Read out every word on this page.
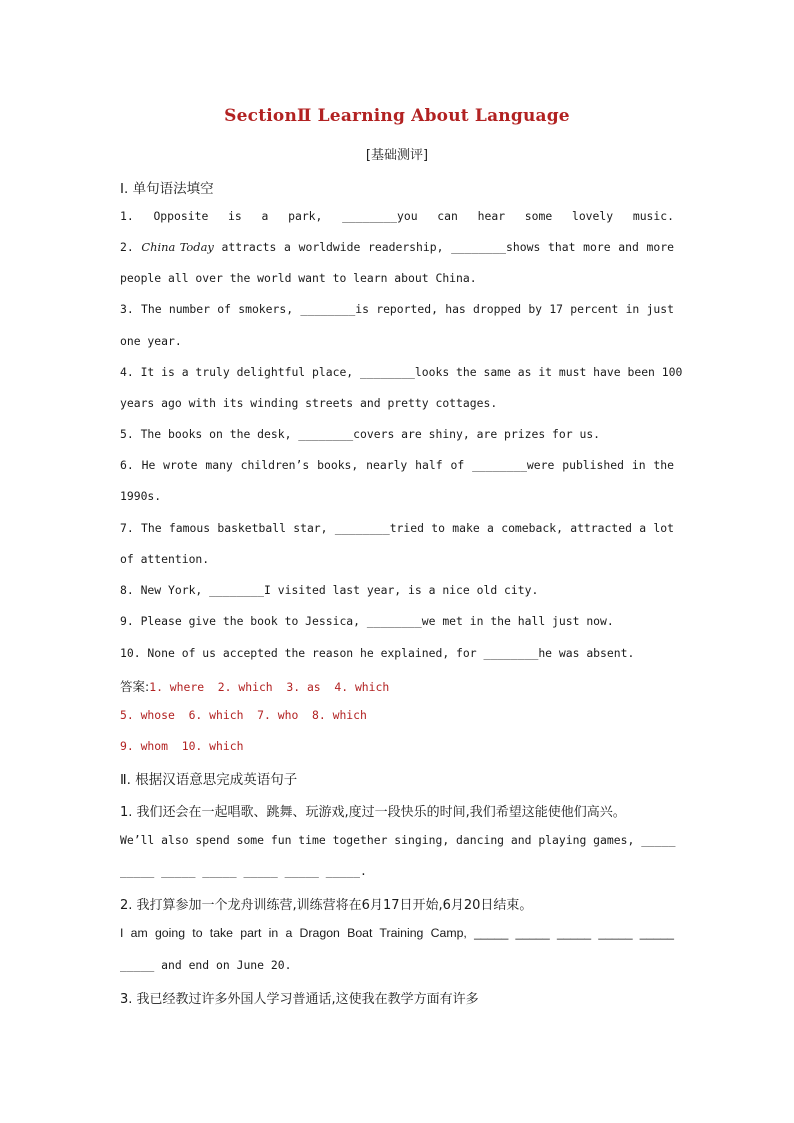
SectionⅡ Learning About Language
[基础测评]
Ⅰ. 单句语法填空
1. Opposite is a park, ________you can hear some lovely music.
2. China Today attracts a worldwide readership, ________shows that more and more
people all over the world want to learn about China.
3. The number of smokers, ________is reported, has dropped by 17 percent in just
one year.
4. It is a truly delightful place, ________looks the same as it must have been 100
years ago with its winding streets and pretty cottages.
5. The books on the desk, ________covers are shiny, are prizes for us.
6. He wrote many children’s books, nearly half of ________were published in the
1990s.
7. The famous basketball star, ________tried to make a comeback, attracted a lot
of attention.
8. New York, ________I visited last year, is a nice old city.
9. Please give the book to Jessica, ________we met in the hall just now.
10. None of us accepted the reason he explained, for ________he was absent.
答案:1. where  2. which  3. as  4. which
5. whose  6. which  7. who  8. which
9. whom  10. which
Ⅱ. 根据汉语意思完成英语句子
1. 我们还会在一起唱歌、跳舞、玩游戏,度过一段快乐的时间,我们希望这能使他们高兴。
We’ll also spend some fun time together singing, dancing and playing games, _____
_____ _____ _____ _____ _____ _____.
2. 我打算参加一个龙舟训练营,训练营将在6月17日开始,6月20日结束。
I am going to take part in a Dragon Boat Training Camp, _____ _____ _____ _____ _____
_____ and end on June 20.
3. 我已经教过许多外国人学习普通话,这使我在教学方面有许多
